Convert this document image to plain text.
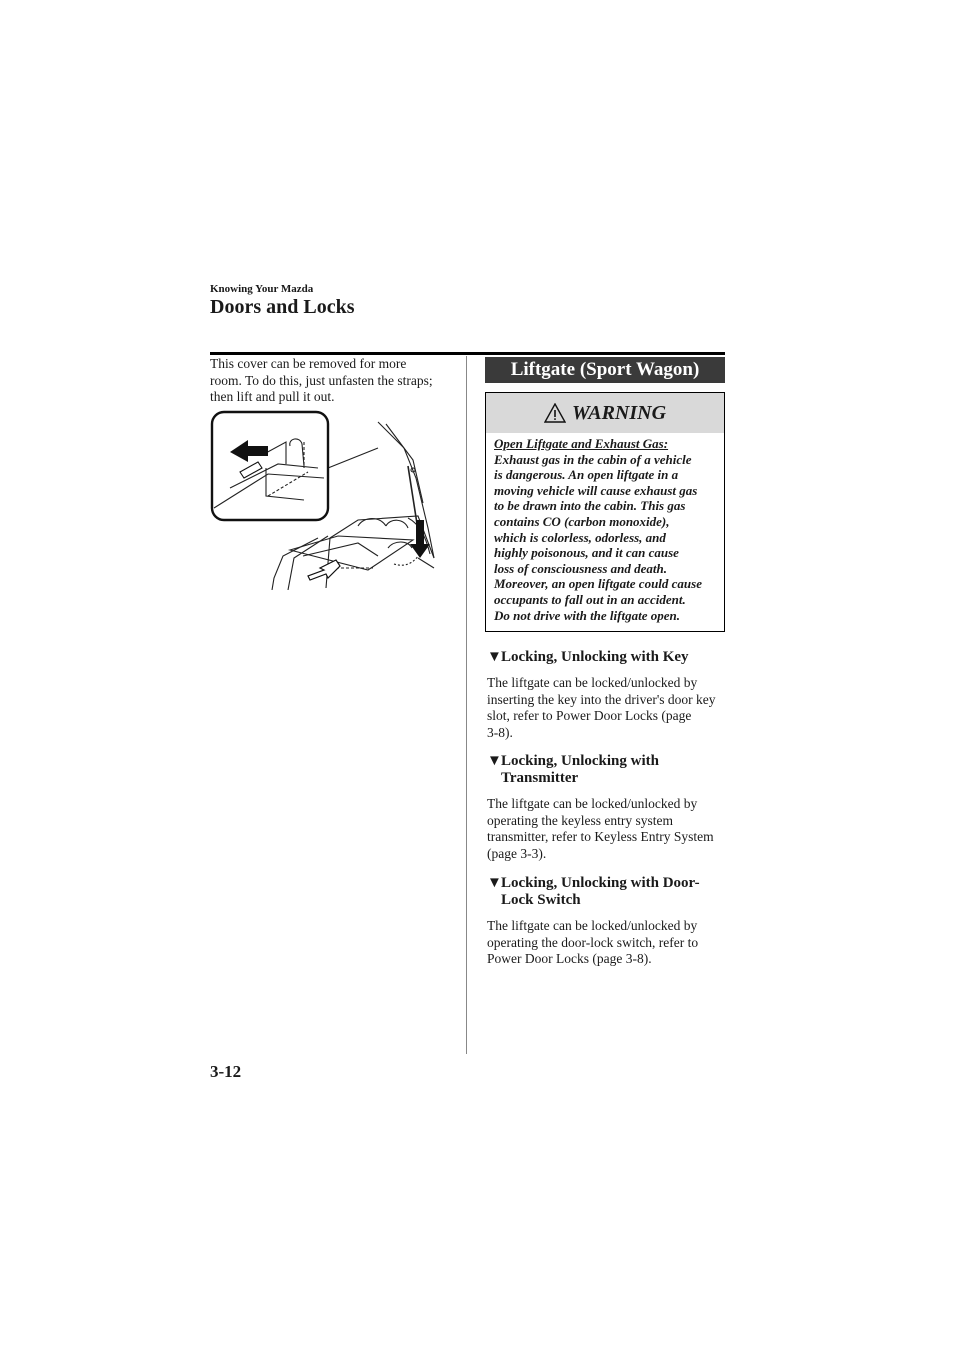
Knowing Your Mazda
Doors and Locks
This cover can be removed for more
room. To do this, just unfasten the straps;
then lift and pull it out.
Liftgate (Sport Wagon)
WARNING
Open Liftgate and Exhaust Gas:
Exhaust gas in the cabin of a vehicle
is dangerous. An open liftgate in a
moving vehicle will cause exhaust gas
to be drawn into the cabin. This gas
contains CO (carbon monoxide),
which is colorless, odorless, and
highly poisonous, and it can cause
loss of consciousness and death.
Moreover, an open liftgate could cause
occupants to fall out in an accident.
Do not drive with the liftgate open.
▼Locking, Unlocking with Key
The liftgate can be locked/unlocked by
inserting the key into the driver's door key
slot, refer to Power Door Locks (page
3-8).
▼Locking, Unlocking with
Transmitter
The liftgate can be locked/unlocked by
operating the keyless entry system
transmitter, refer to Keyless Entry System
(page 3-3).
▼Locking, Unlocking with Door-
Lock Switch
The liftgate can be locked/unlocked by
operating the door-lock switch, refer to
Power Door Locks (page 3-8).
3-12
